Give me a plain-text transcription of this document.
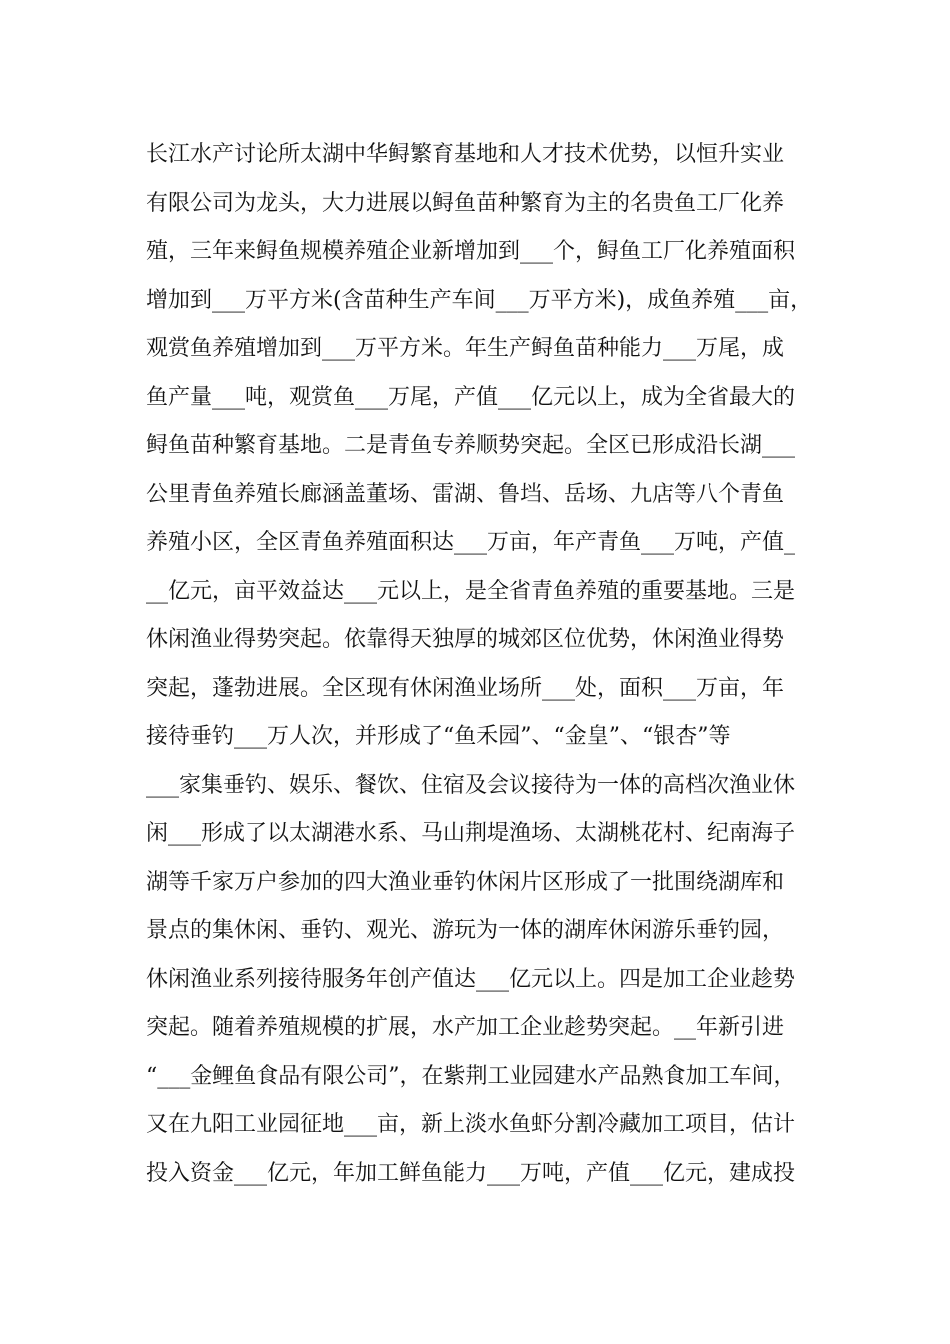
长江水产讨论所太湖中华鲟繁育基地和人才技术优势，以恒升实业
有限公司为龙头，大力进展以鲟鱼苗种繁育为主的名贵鱼工厂化养
殖，三年来鲟鱼规模养殖企业新增加到___个，鲟鱼工厂化养殖面积
增加到___万平方米(含苗种生产车间___万平方米)，成鱼养殖___亩，
观赏鱼养殖增加到___万平方米。年生产鲟鱼苗种能力___万尾，成
鱼产量___吨，观赏鱼___万尾，产值___亿元以上，成为全省最大的
鲟鱼苗种繁育基地。二是青鱼专养顺势突起。全区已形成沿长湖___
公里青鱼养殖长廊涵盖董场、雷湖、鲁垱、岳场、九店等八个青鱼
养殖小区，全区青鱼养殖面积达___万亩，年产青鱼___万吨，产值_
__亿元，亩平效益达___元以上，是全省青鱼养殖的重要基地。三是
休闲渔业得势突起。依靠得天独厚的城郊区位优势，休闲渔业得势
突起，蓬勃进展。全区现有休闲渔业场所___处，面积___万亩，年
接待垂钓___万人次，并形成了“鱼禾园”、“金皇”、“银杏”等
___家集垂钓、娱乐、餐饮、住宿及会议接待为一体的高档次渔业休
闲___形成了以太湖港水系、马山荆堤渔场、太湖桃花村、纪南海子
湖等千家万户参加的四大渔业垂钓休闲片区形成了一批围绕湖库和
景点的集休闲、垂钓、观光、游玩为一体的湖库休闲游乐垂钓园，
休闲渔业系列接待服务年创产值达___亿元以上。四是加工企业趁势
突起。随着养殖规模的扩展，水产加工企业趁势突起。__年新引进
“___金鲤鱼食品有限公司”，在紫荆工业园建水产品熟食加工车间，
又在九阳工业园征地___亩，新上淡水鱼虾分割冷藏加工项目，估计
投入资金___亿元，年加工鲜鱼能力___万吨，产值___亿元，建成投
